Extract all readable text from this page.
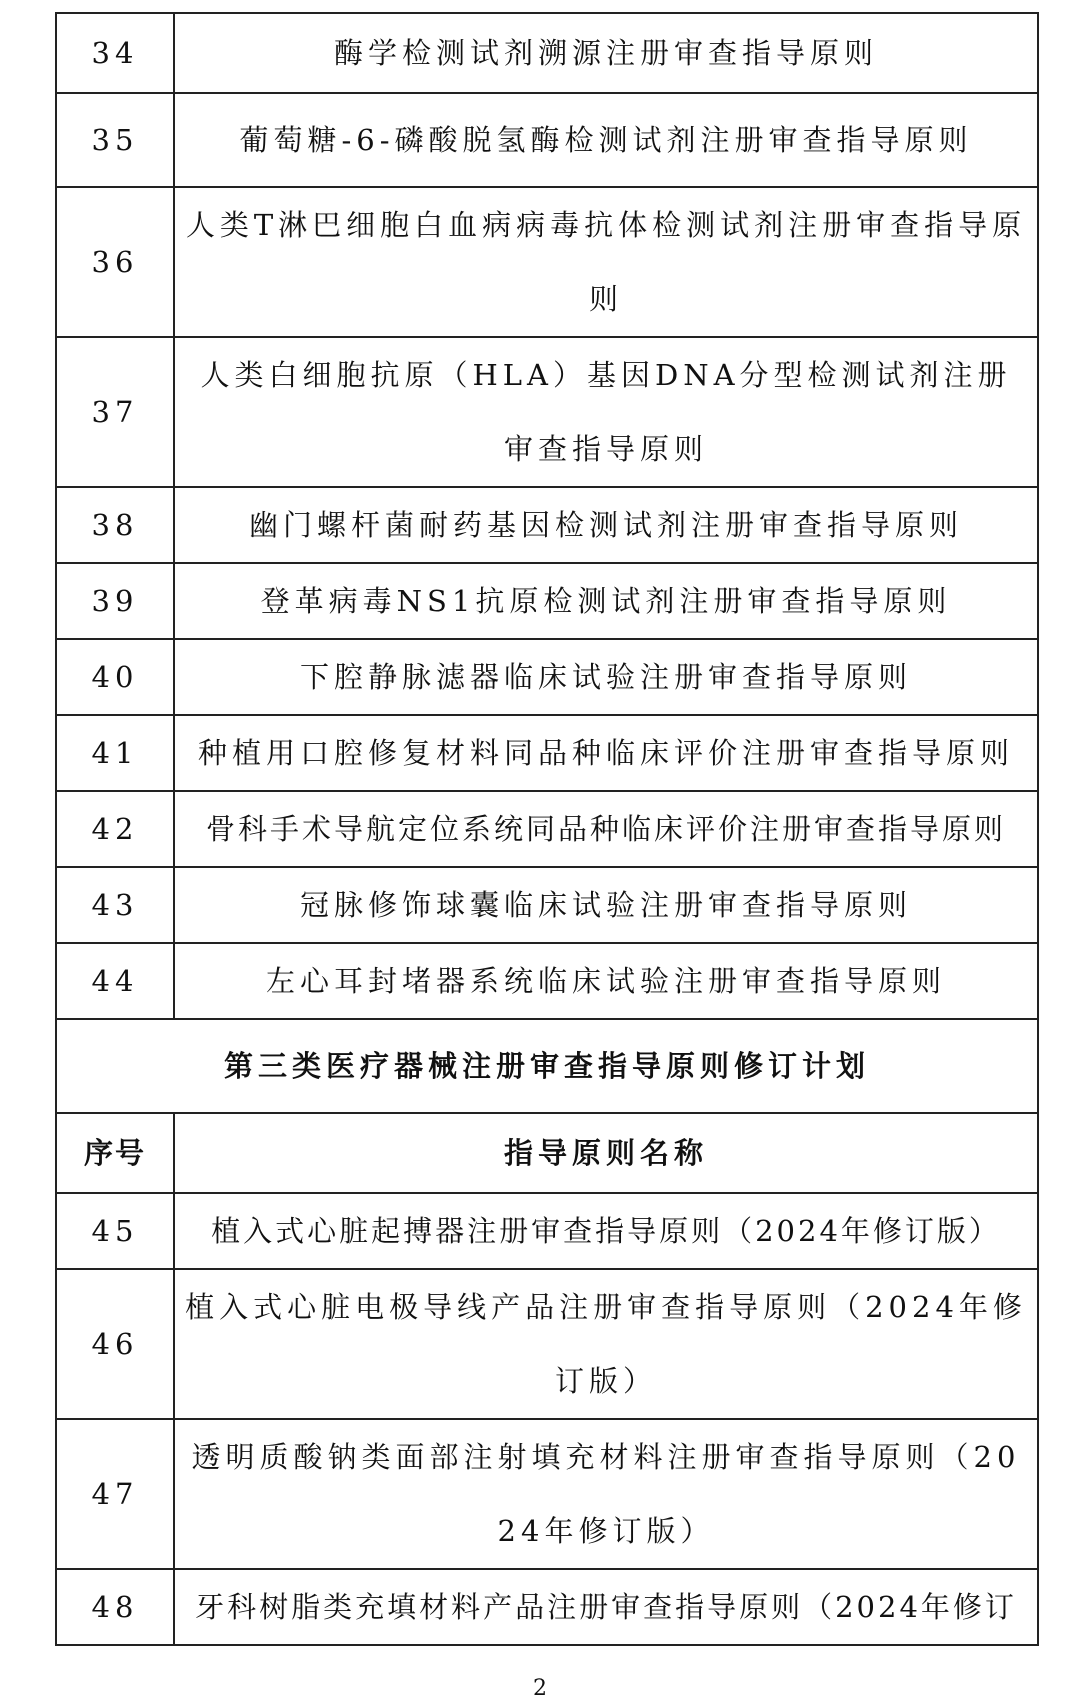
34	酶学检测试剂溯源注册审查指导原则
35	葡萄糖-6-磷酸脱氢酶检测试剂注册审查指导原则
36	人类T淋巴细胞白血病病毒抗体检测试剂注册审查指导原则
37	人类白细胞抗原（HLA）基因DNA分型检测试剂注册审查指导原则
38	幽门螺杆菌耐药基因检测试剂注册审查指导原则
39	登革病毒NS1抗原检测试剂注册审查指导原则
40	下腔静脉滤器临床试验注册审查指导原则
41	种植用口腔修复材料同品种临床评价注册审查指导原则
42	骨科手术导航定位系统同品种临床评价注册审查指导原则
43	冠脉修饰球囊临床试验注册审查指导原则
44	左心耳封堵器系统临床试验注册审查指导原则
第三类医疗器械注册审查指导原则修订计划	
序号	指导原则名称
45	植入式心脏起搏器注册审查指导原则（2024年修订版）
46	植入式心脏电极导线产品注册审查指导原则（2024年修订版）
47	透明质酸钠类面部注射填充材料注册审查指导原则（2024年修订版）
48	牙科树脂类充填材料产品注册审查指导原则（2024年修订
2
